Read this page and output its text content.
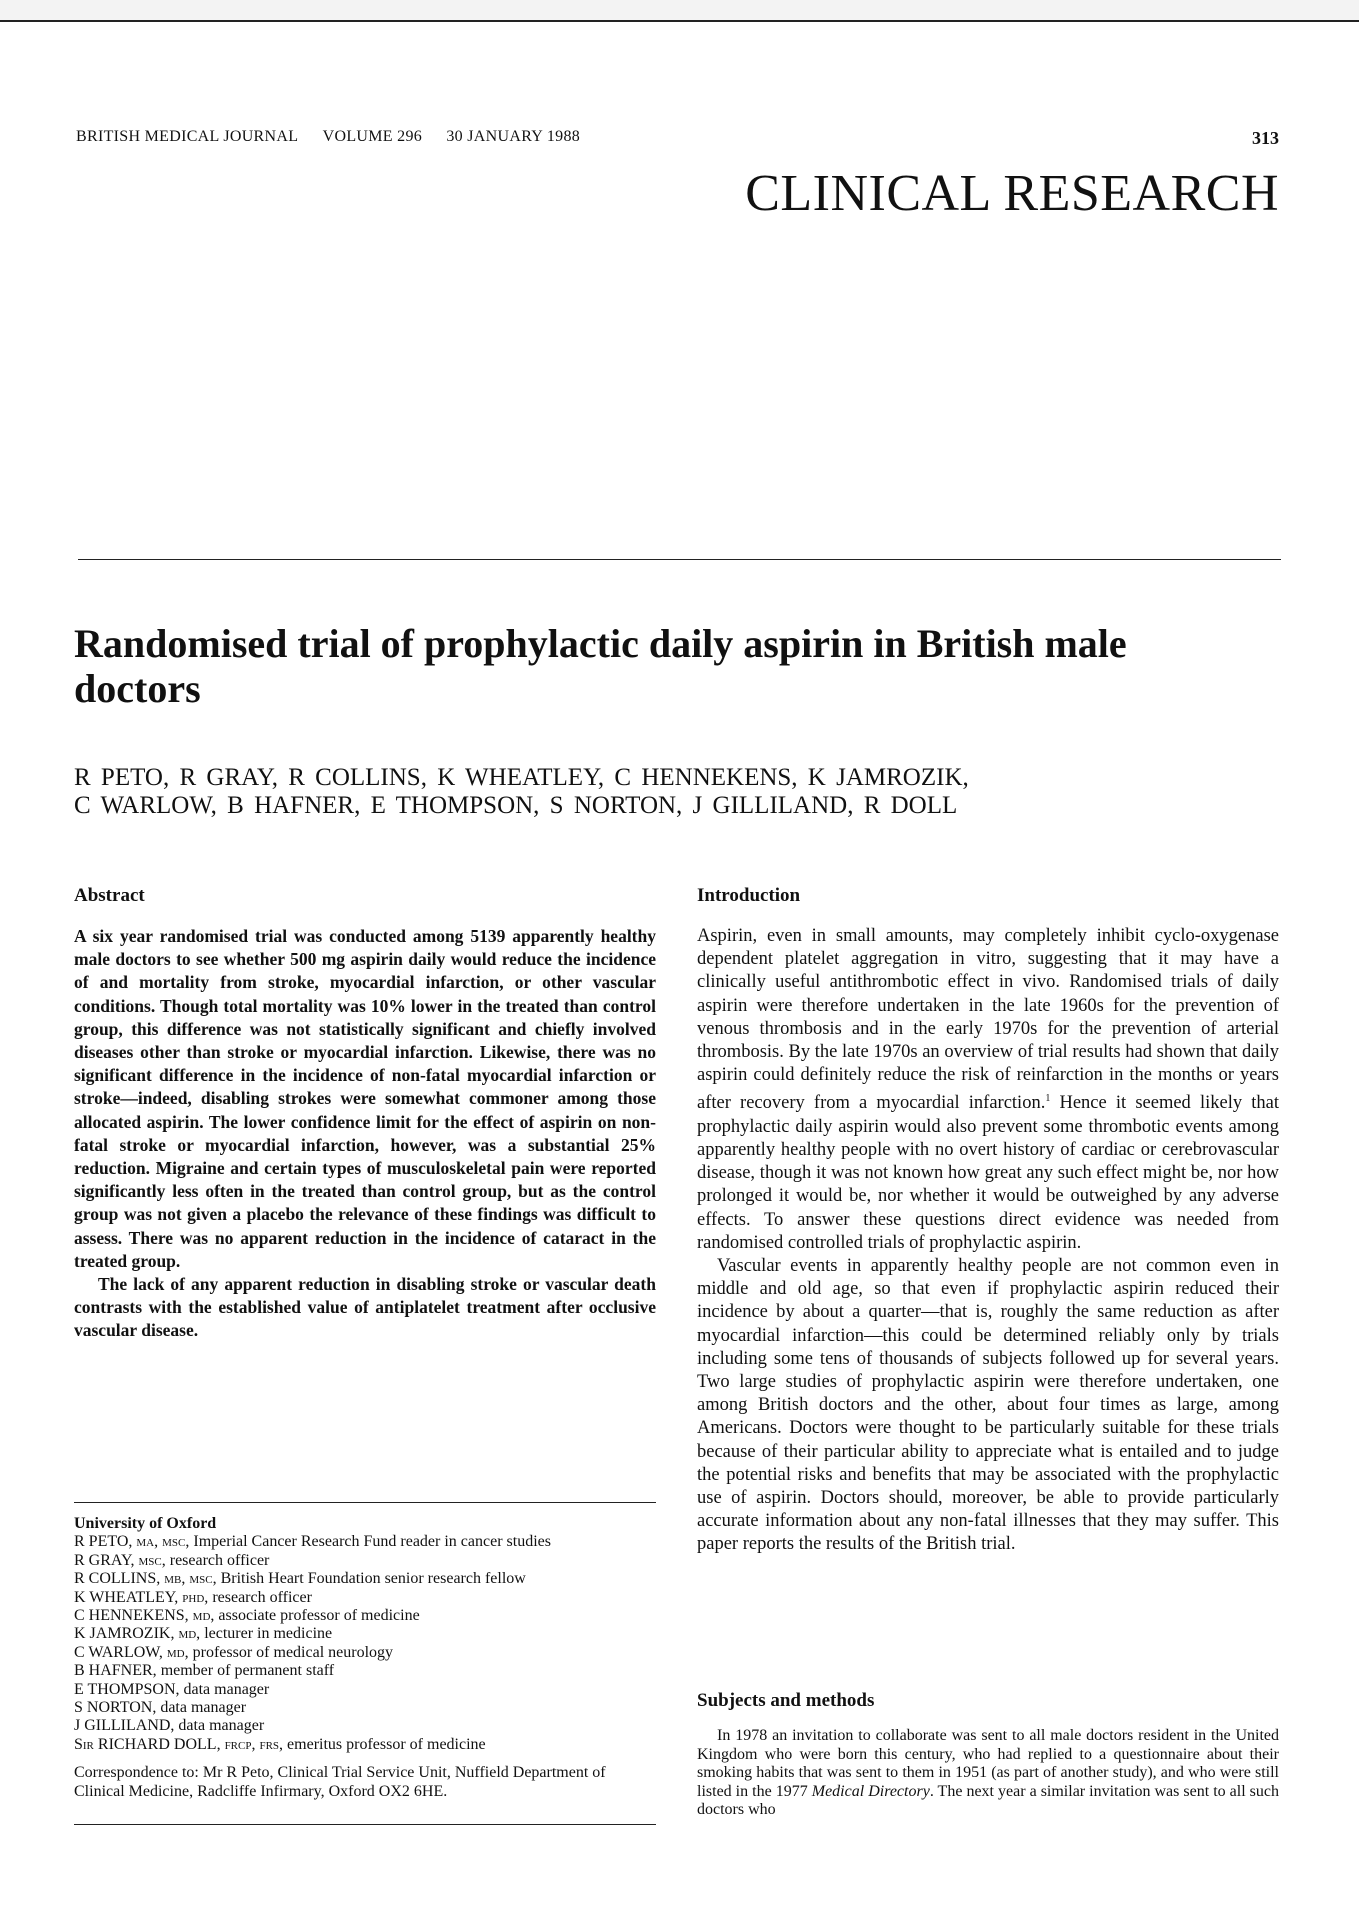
BRITISH MEDICAL JOURNAL VOLUME 296 30 JANUARY 1988	313
CLINICAL RESEARCH
Randomised trial of prophylactic daily aspirin in British male doctors
R PETO, R GRAY, R COLLINS, K WHEATLEY, C HENNEKENS, K JAMROZIK,
C WARLOW, B HAFNER, E THOMPSON, S NORTON, J GILLILAND, R DOLL
Abstract

A six year randomised trial was conducted among 5139 apparently healthy male doctors to see whether 500 mg aspirin daily would reduce the incidence of and mortality from stroke, myocardial infarction, or other vascular conditions. Though total mortality was 10% lower in the treated than control group, this difference was not statistically significant and chiefly involved diseases other than stroke or myocardial infarction. Likewise, there was no significant difference in the incidence of non-fatal myocardial infarction or stroke—indeed, disabling strokes were somewhat commoner among those allocated aspirin. The lower confidence limit for the effect of aspirin on non-fatal stroke or myocardial infarction, however, was a substantial 25% reduction. Migraine and certain types of musculoskeletal pain were reported significantly less often in the treated than control group, but as the control group was not given a placebo the relevance of these findings was difficult to assess. There was no apparent reduction in the incidence of cataract in the treated group.

The lack of any apparent reduction in disabling stroke or vascular death contrasts with the established value of antiplatelet treatment after occlusive vascular disease.

University of Oxford
R PETO, ma, msc, Imperial Cancer Research Fund reader in cancer studies
R GRAY, msc, research officer
R COLLINS, mb, msc, British Heart Foundation senior research fellow
K WHEATLEY, phd, research officer
C HENNEKENS, md, associate professor of medicine
K JAMROZIK, md, lecturer in medicine
C WARLOW, md, professor of medical neurology
B HAFNER, member of permanent staff
E THOMPSON, data manager
S NORTON, data manager
J GILLILAND, data manager
Sir RICHARD DOLL, frcp, frs, emeritus professor of medicine
Correspondence to: Mr R Peto, Clinical Trial Service Unit, Nuffield Department of Clinical Medicine, Radcliffe Infirmary, Oxford OX2 6HE.
Introduction

Aspirin, even in small amounts, may completely inhibit cyclo-oxygenase dependent platelet aggregation in vitro, suggesting that it may have a clinically useful antithrombotic effect in vivo. Randomised trials of daily aspirin were therefore undertaken in the late 1960s for the prevention of venous thrombosis and in the early 1970s for the prevention of arterial thrombosis. By the late 1970s an overview of trial results had shown that daily aspirin could definitely reduce the risk of reinfarction in the months or years after recovery from a myocardial infarction.$^1$ Hence it seemed likely that prophylactic daily aspirin would also prevent some thrombotic events among apparently healthy people with no overt history of cardiac or cerebrovascular disease, though it was not known how great any such effect might be, nor how prolonged it would be, nor whether it would be outweighed by any adverse effects. To answer these questions direct evidence was needed from randomised controlled trials of prophylactic aspirin.

Vascular events in apparently healthy people are not common even in middle and old age, so that even if prophylactic aspirin reduced their incidence by about a quarter—that is, roughly the same reduction as after myocardial infarction—this could be determined reliably only by trials including some tens of thousands of subjects followed up for several years. Two large studies of prophylactic aspirin were therefore undertaken, one among British doctors and the other, about four times as large, among Americans. Doctors were thought to be particularly suitable for these trials because of their particular ability to appreciate what is entailed and to judge the potential risks and benefits that may be associated with the prophylactic use of aspirin. Doctors should, moreover, be able to provide particularly accurate information about any non-fatal illnesses that they may suffer. This paper reports the results of the British trial.

Subjects and methods

In 1978 an invitation to collaborate was sent to all male doctors resident in the United Kingdom who were born this century, who had replied to a questionnaire about their smoking habits that was sent to them in 1951 (as part of another study), and who were still listed in the 1977 Medical Directory. The next year a similar invitation was sent to all such doctors who
